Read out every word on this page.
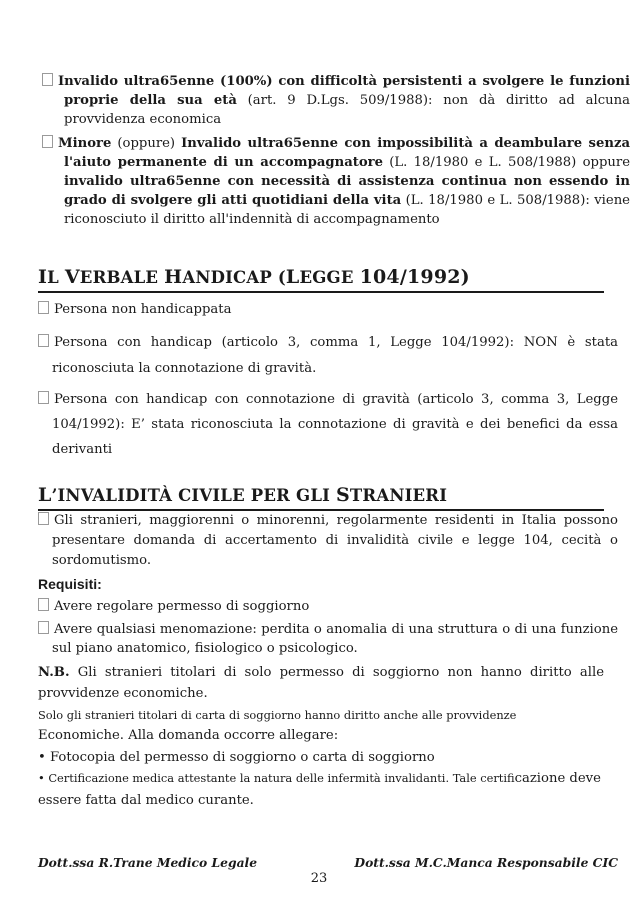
Invalido ultra65enne (100%) con difficoltà persistenti a svolgere le funzioni proprie della sua età (art. 9 D.Lgs. 509/1988): non dà diritto ad alcuna provvidenza economica
Minore (oppure) Invalido ultra65enne con impossibilità a deambulare senza l'aiuto permanente di un accompagnatore (L. 18/1980 e L. 508/1988) oppure invalido ultra65enne con necessità di assistenza continua non essendo in grado di svolgere gli atti quotidiani della vita (L. 18/1980 e L. 508/1988): viene riconosciuto il diritto all'indennità di accompagnamento
IL VERBALE HANDICAP (LEGGE 104/1992)
Persona non handicappata
Persona con handicap (articolo 3, comma 1, Legge 104/1992): NON è stata riconosciuta la connotazione di gravità.
Persona con handicap con connotazione di gravità (articolo 3, comma 3, Legge 104/1992): E’ stata riconosciuta la connotazione di gravità e dei benefici da essa derivanti
L’INVALIDITÀ CIVILE PER GLI STRANIERI
Gli stranieri, maggiorenni o minorenni, regolarmente residenti in Italia possono presentare domanda di accertamento di invalidità civile e legge 104, cecità o sordomutismo.
Requisiti:
Avere regolare permesso di soggiorno
Avere qualsiasi menomazione: perdita o anomalia di una struttura o di una funzione sul piano anatomico, fisiologico o psicologico.
N.B. Gli stranieri titolari di solo permesso di soggiorno non hanno diritto alle provvidenze economiche.
Solo gli stranieri titolari di carta di soggiorno hanno diritto anche alle provvidenze
Economiche. Alla domanda occorre allegare:
• Fotocopia del permesso di soggiorno o carta di soggiorno
• Certificazione medica attestante la natura delle infermità invalidanti. Tale certificazione deve
essere fatta dal medico curante.
Dott.ssa R.Trane Medico Legale	Dott.ssa M.C.Manca Responsabile CIC
23
